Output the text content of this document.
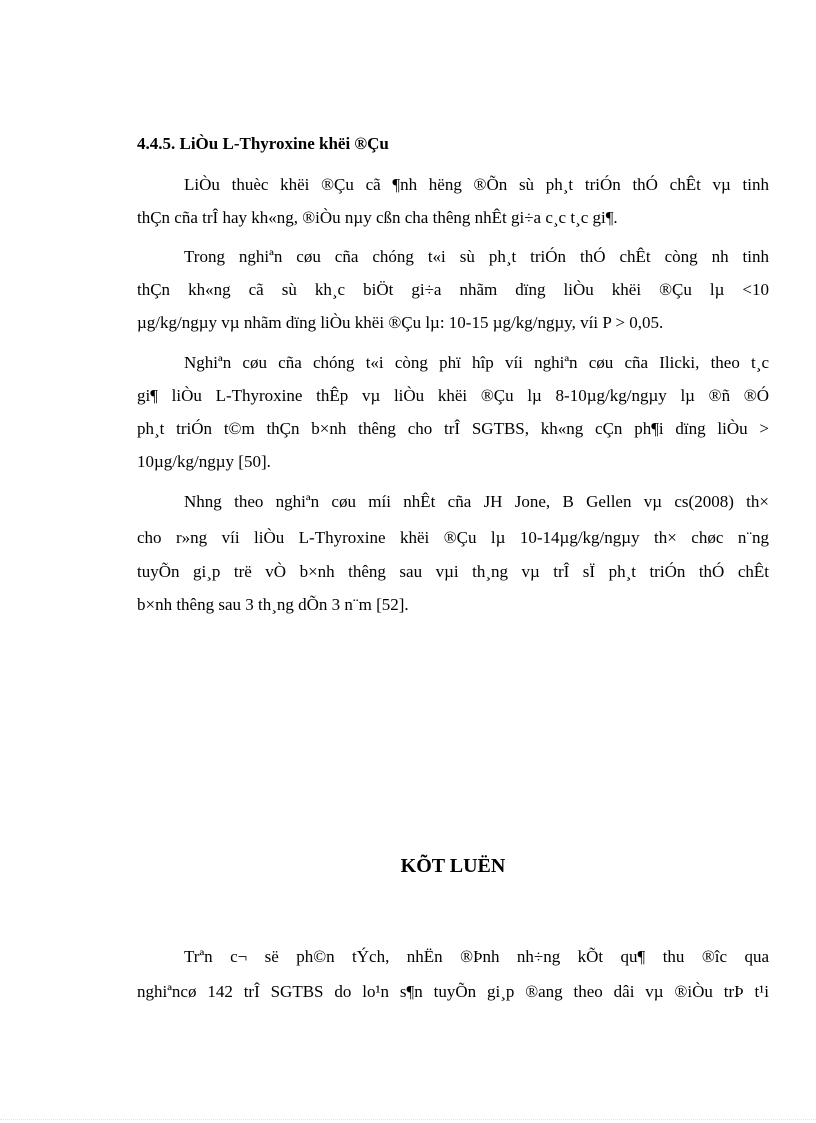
4.4.5. LiÒu L-Thyroxine khëi ®Çu
LiÒu thuèc khëi ®Çu cã ¶nh hëng ®Õn sù ph¸t triÓn thÓ chÊt vµ tinh
thÇn cña trÎ hay kh«ng, ®iÒu nµy cßn cha thêng nhÊt gi÷a c¸c t¸c gi¶.
Trong nghiªn cøu cña chóng t«i sù ph¸t triÓn thÓ chÊt còng nh tinh
thÇn kh«ng cã sù kh¸c biÖt gi÷a nhãm dïng liÒu khëi ®Çu lµ <10
µg/kg/ngµy vµ nhãm dïng liÒu khëi ®Çu lµ: 10-15 µg/kg/ngµy, víi P > 0,05.
Nghiªn cøu cña chóng t«i còng phï hîp víi nghiªn cøu cña Ilicki, theo t¸c
gi¶ liÒu L-Thyroxine thÊp vµ liÒu khëi ®Çu lµ 8-10µg/kg/ngµy lµ ®ñ ®Ó
ph¸t triÓn t©m thÇn b×nh thêng cho trÎ SGTBS, kh«ng cÇn ph¶i dïng liÒu >
10µg/kg/ngµy [50].
Nhng theo nghiªn cøu míi nhÊt cña JH Jone, B Gellen vµ cs(2008) th×
cho r»ng víi liÒu L-Thyroxine khëi ®Çu lµ 10-14µg/kg/ngµy th× chøc n¨ng
tuyÕn gi¸p trë vÒ b×nh thêng sau vµi th¸ng vµ trÎ sÏ ph¸t triÓn thÓ chÊt
b×nh thêng sau 3 th¸ng dÕn 3 n¨m [52].
KÕT LUËN
Trªn c¬ së ph©n tÝch, nhËn ®Þnh nh÷ng kÕt qu¶ thu ®îc qua
nghiªncø 142 trÎ SGTBS do lo¹n s¶n tuyÕn gi¸p ®ang theo dâi vµ ®iÒu trÞ t¹i
